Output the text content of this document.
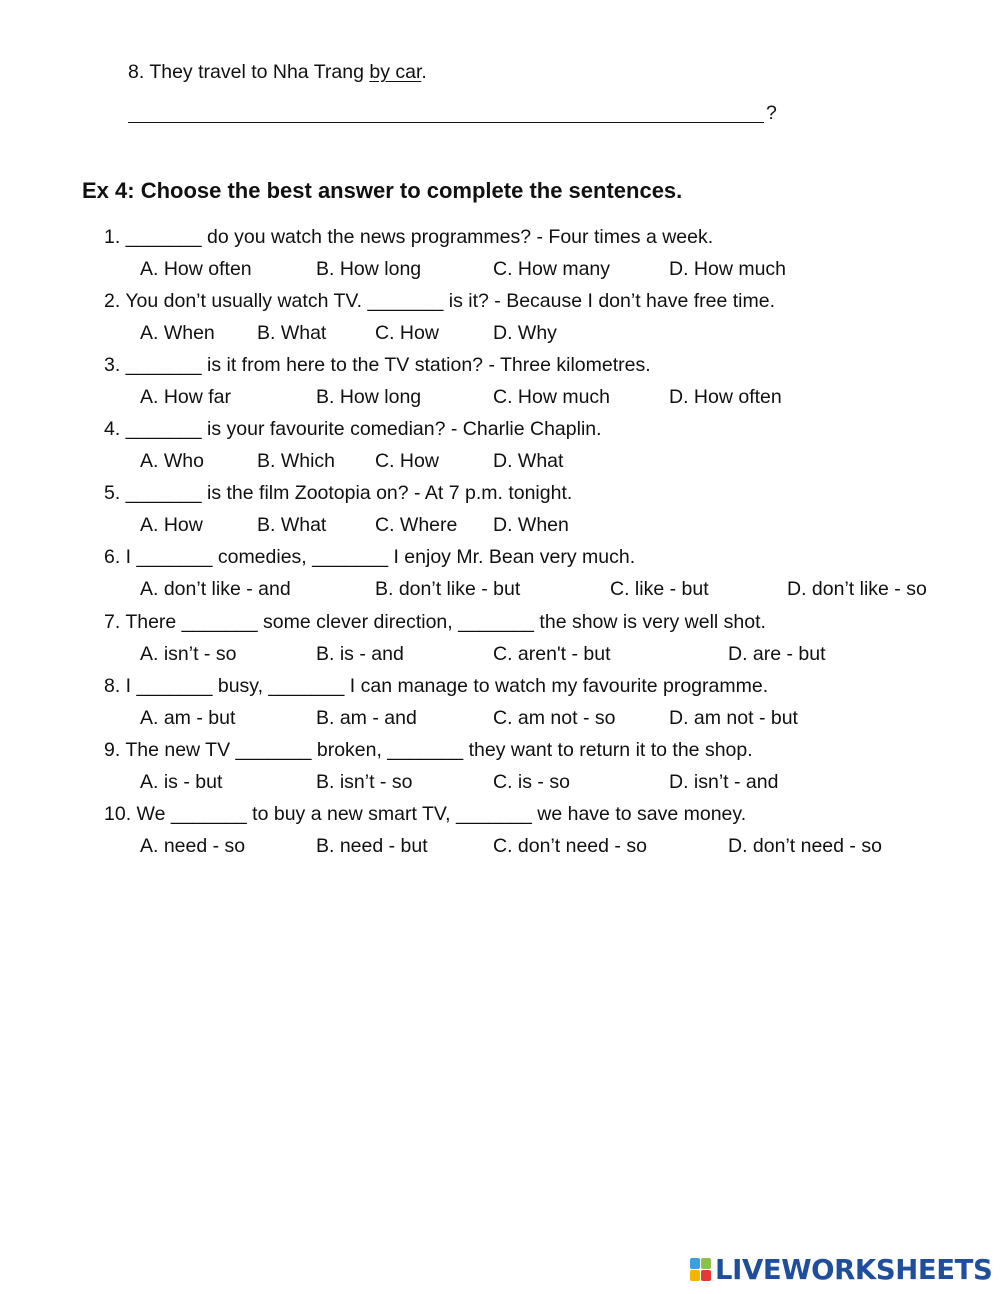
8. They travel to Nha Trang by car.
?
Ex 4: Choose the best answer to complete the sentences.
1. _______ do you watch the news programmes? - Four times a week.
A. How often	B. How long	C. How many	D. How much
2. You don’t usually watch TV. _______ is it? - Because I don’t have free time.
A. When B. What C. How	D. Why
3. _______ is it from here to the TV station? - Three kilometres.
A. How far	B. How long	C. How much	D. How often
4. _______ is your favourite comedian? - Charlie Chaplin.
A. Who	B. Which C. How	D. What
5. _______ is the film Zootopia on? - At 7 p.m. tonight.
A. How	B. What C. Where D. When
6. I _______ comedies, _______ I enjoy Mr. Bean very much.
A. don’t like - and	B. don’t like - but	C. like - but	D. don’t like - so
7. There _______ some clever direction, _______ the show is very well shot.
A. isn’t - so	B. is - and	C. aren't - but	D. are - but
8. I _______ busy, _______ I can manage to watch my favourite programme.
A. am - but	B. am - and	C. am not - so	D. am not - but
9. The new TV _______ broken, _______ they want to return it to the shop.
A. is - but	B. isn’t - so	C. is - so	D. isn’t - and
10. We _______ to buy a new smart TV, _______ we have to save money.
A. need - so	B. need - but	C. don’t need - so	D. don’t need - so
LIVEWORKSHEETS
